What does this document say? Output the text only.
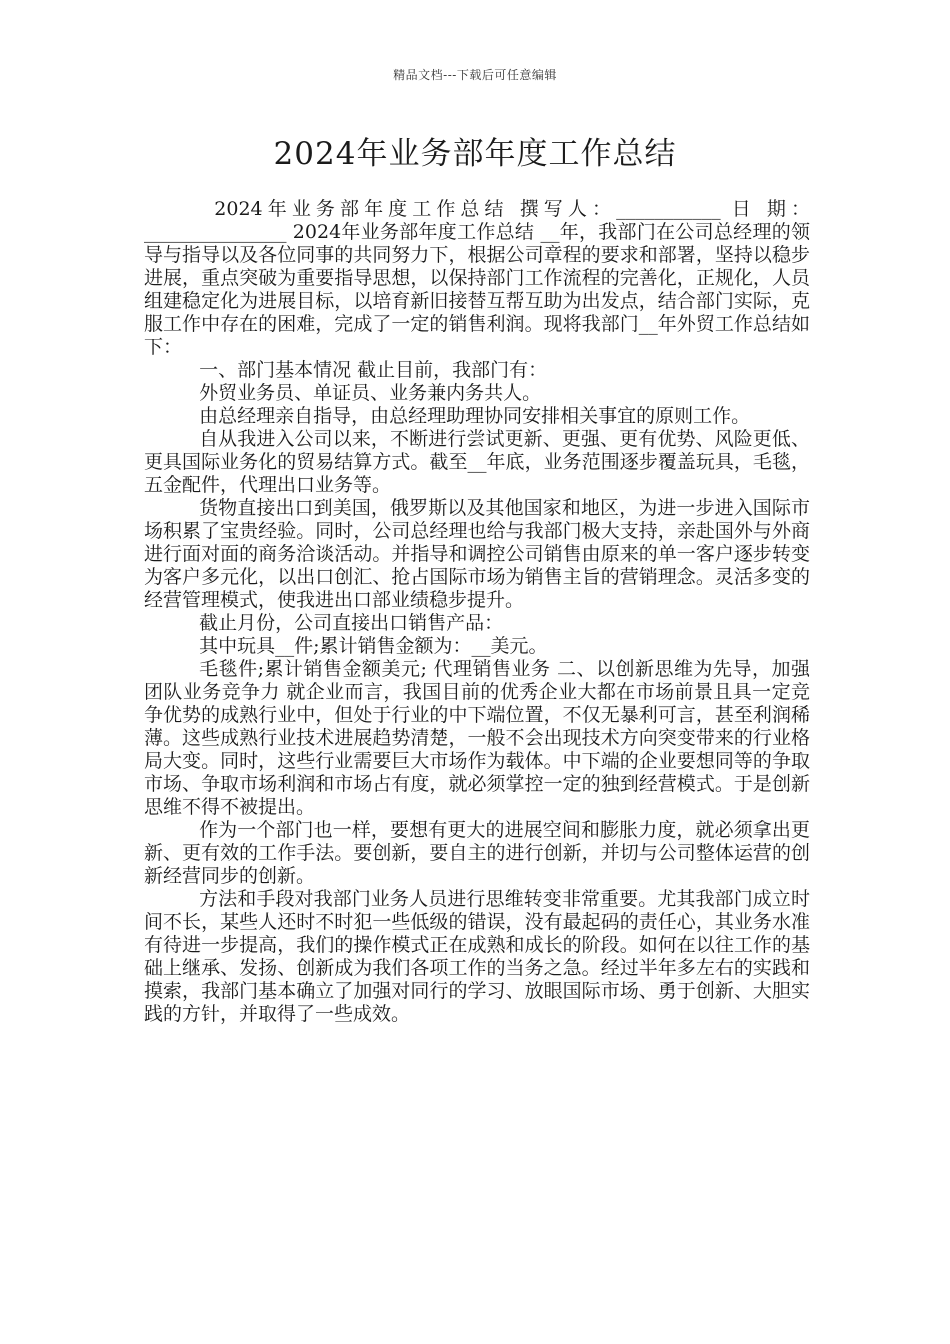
精品文档---下载后可任意编辑
2024年业务部年度工作总结

2024年业务部年度工作总结 撰写人：___________ 日 期：_______________ 2024年业务部年度工作总结 __年，我部门在公司总经理的领导与指导以及各位同事的共同努力下，根据公司章程的要求和部署，坚持以稳步进展，重点突破为重要指导思想，以保持部门工作流程的完善化，正规化，人员组建稳定化为进展目标，以培育新旧接替互帮互助为出发点，结合部门实际，克服工作中存在的困难，完成了一定的销售利润。现将我部门__年外贸工作总结如下：

一、部门基本情况 截止目前，我部门有：

外贸业务员、单证员、业务兼内务共人。

由总经理亲自指导，由总经理助理协同安排相关事宜的原则工作。

自从我进入公司以来，不断进行尝试更新、更强、更有优势、风险更低、更具国际业务化的贸易结算方式。截至__年底，业务范围逐步覆盖玩具，毛毯，五金配件，代理出口业务等。

货物直接出口到美国，俄罗斯以及其他国家和地区，为进一步进入国际市场积累了宝贵经验。同时，公司总经理也给与我部门极大支持，亲赴国外与外商进行面对面的商务洽谈活动。并指导和调控公司销售由原来的单一客户逐步转变为客户多元化，以出口创汇、抢占国际市场为销售主旨的营销理念。灵活多变的经营管理模式，使我进出口部业绩稳步提升。

截止月份，公司直接出口销售产品：

其中玩具__件;累计销售金额为：__美元。

毛毯件;累计销售金额美元; 代理销售业务 二、以创新思维为先导，加强团队业务竞争力 就企业而言，我国目前的优秀企业大都在市场前景且具一定竞争优势的成熟行业中，但处于行业的中下端位置，不仅无暴利可言，甚至利润稀薄。这些成熟行业技术进展趋势清楚，一般不会出现技术方向突变带来的行业格局大变。同时，这些行业需要巨大市场作为载体。中下端的企业要想同等的争取市场、争取市场利润和市场占有度，就必须掌控一定的独到经营模式。于是创新思维不得不被提出。

作为一个部门也一样，要想有更大的进展空间和膨胀力度，就必须拿出更新、更有效的工作手法。要创新，要自主的进行创新，并切与公司整体运营的创新经营同步的创新。

方法和手段对我部门业务人员进行思维转变非常重要。尤其我部门成立时间不长，某些人还时不时犯一些低级的错误，没有最起码的责任心，其业务水准有待进一步提高，我们的操作模式正在成熟和成长的阶段。如何在以往工作的基础上继承、发扬、创新成为我们各项工作的当务之急。经过半年多左右的实践和摸索，我部门基本确立了加强对同行的学习、放眼国际市场、勇于创新、大胆实践的方针，并取得了一些成效。
